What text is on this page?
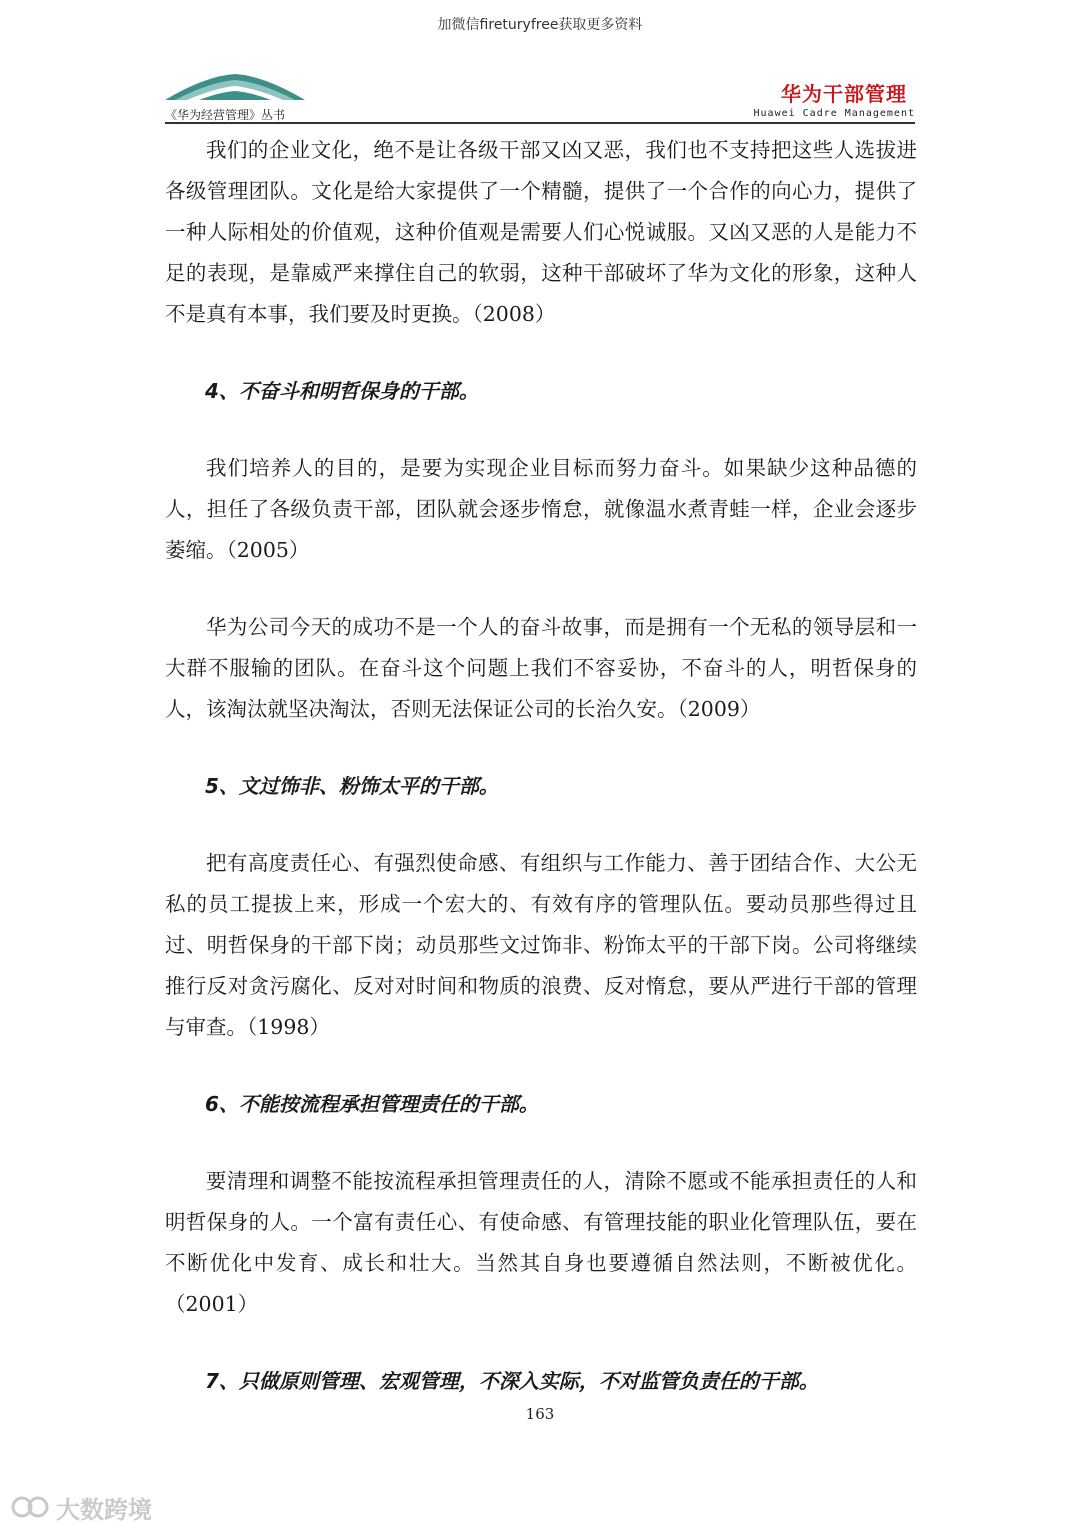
加微信fireturyfree获取更多资料
《华为经营管理》丛书
华为干部管理
Huawei Cadre Management

我们的企业文化，绝不是让各级干部又凶又恶，我们也不支持把这些人选拔进各级管理团队。文化是给大家提供了一个精髓，提供了一个合作的向心力，提供了一种人际相处的价值观，这种价值观是需要人们心悦诚服。又凶又恶的人是能力不足的表现，是靠威严来撑住自己的软弱，这种干部破坏了华为文化的形象，这种人不是真有本事，我们要及时更换。（2008）

4、不奋斗和明哲保身的干部。

我们培养人的目的，是要为实现企业目标而努力奋斗。如果缺少这种品德的人，担任了各级负责干部，团队就会逐步惰怠，就像温水煮青蛙一样，企业会逐步萎缩。（2005）

华为公司今天的成功不是一个人的奋斗故事，而是拥有一个无私的领导层和一大群不服输的团队。在奋斗这个问题上我们不容妥协，不奋斗的人，明哲保身的人，该淘汰就坚决淘汰，否则无法保证公司的长治久安。（2009）

5、文过饰非、粉饰太平的干部。

把有高度责任心、有强烈使命感、有组织与工作能力、善于团结合作、大公无私的员工提拔上来，形成一个宏大的、有效有序的管理队伍。要动员那些得过且过、明哲保身的干部下岗；动员那些文过饰非、粉饰太平的干部下岗。公司将继续推行反对贪污腐化、反对对时间和物质的浪费、反对惰怠，要从严进行干部的管理与审查。（1998）

6、不能按流程承担管理责任的干部。

要清理和调整不能按流程承担管理责任的人，清除不愿或不能承担责任的人和明哲保身的人。一个富有责任心、有使命感、有管理技能的职业化管理队伍，要在不断优化中发育、成长和壮大。当然其自身也要遵循自然法则，不断被优化。（2001）

7、只做原则管理、宏观管理，不深入实际，不对监管负责任的干部。

163
大数跨境
